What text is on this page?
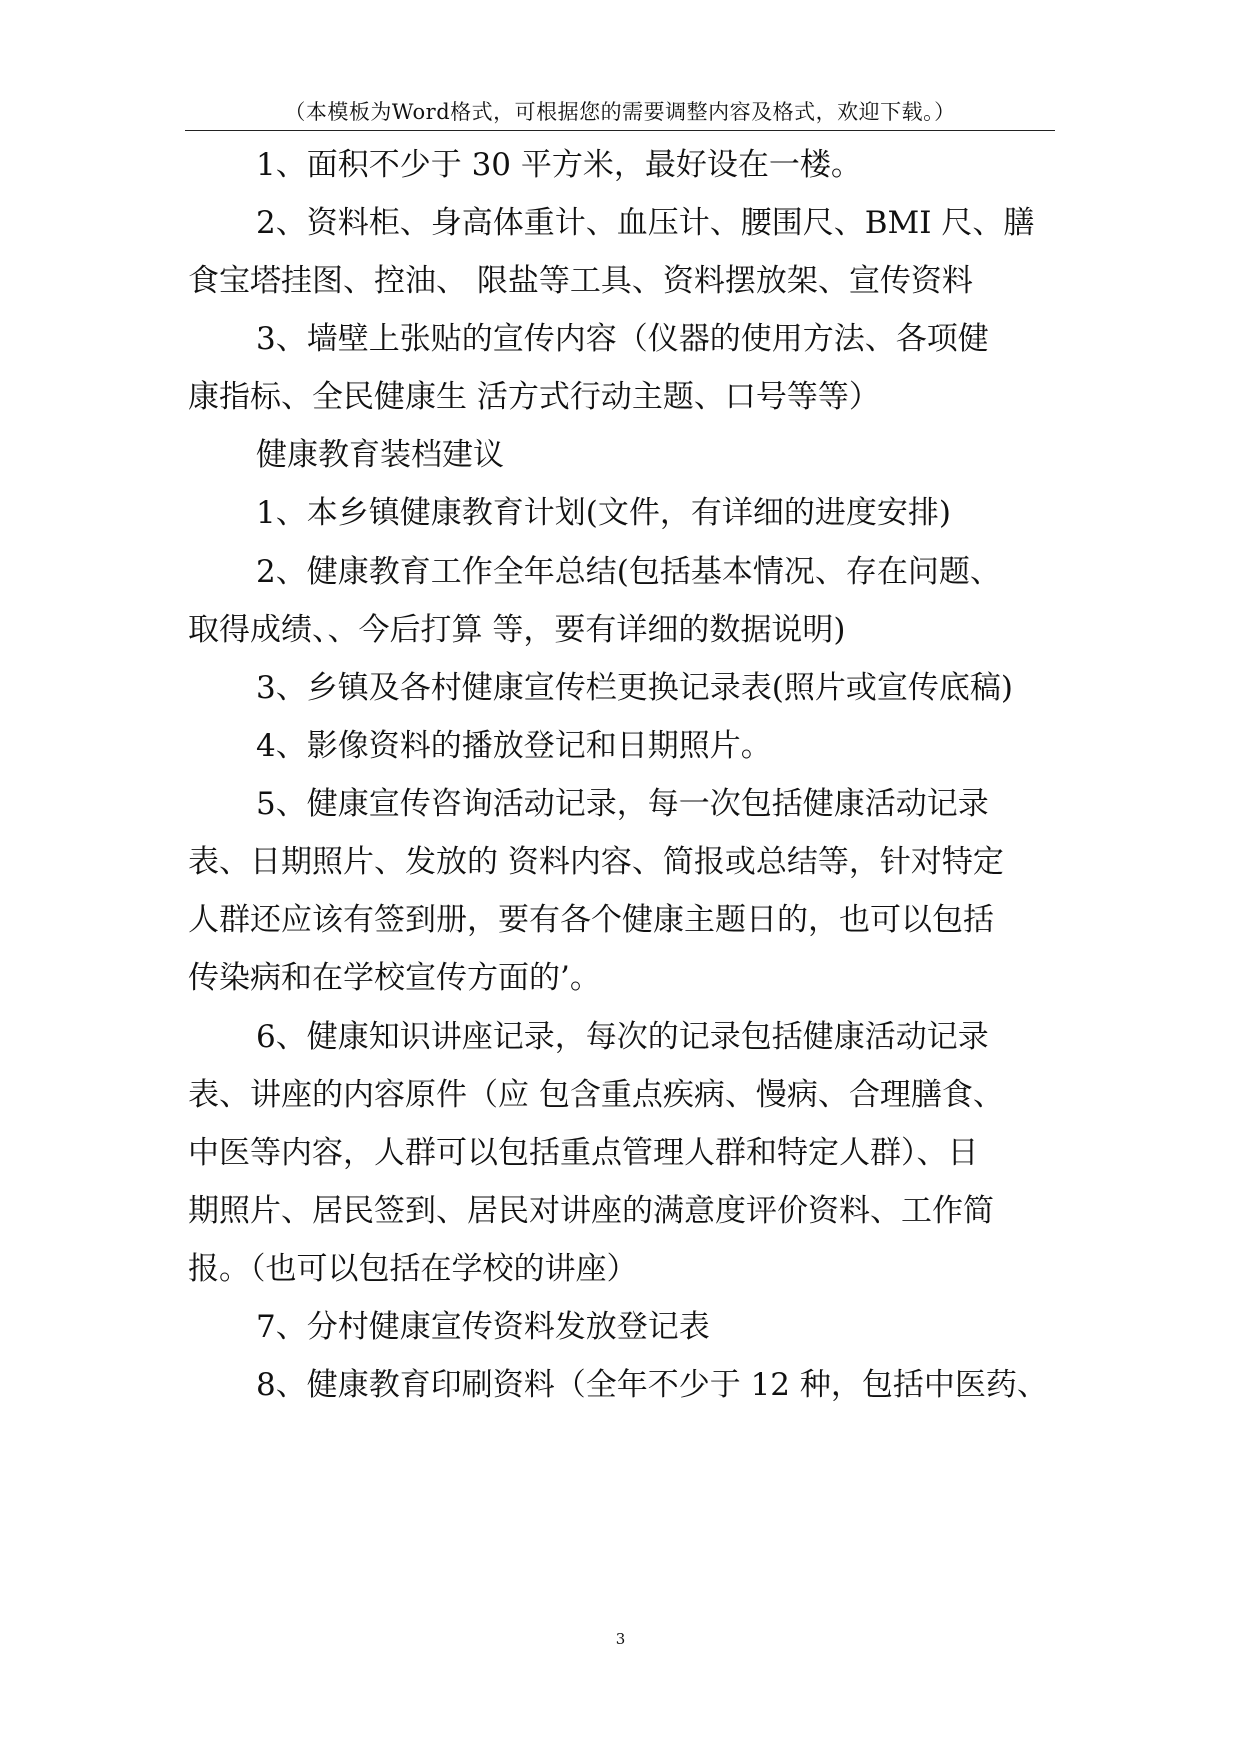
（本模板为Word格式，可根据您的需要调整内容及格式，欢迎下载。）
1、面积不少于 30 平方米，最好设在一楼。
2、资料柜、身高体重计、血压计、腰围尺、BMI 尺、膳
食宝塔挂图、控油、 限盐等工具、资料摆放架、宣传资料
3、墙壁上张贴的宣传内容（仪器的使用方法、各项健
康指标、全民健康生 活方式行动主题、口号等等）
健康教育装档建议
1、本乡镇健康教育计划(文件，有详细的进度安排)
2、健康教育工作全年总结(包括基本情况、存在问题、
取得成绩、、今后打算 等，要有详细的数据说明)
3、乡镇及各村健康宣传栏更换记录表(照片或宣传底稿)
4、影像资料的播放登记和日期照片。
5、健康宣传咨询活动记录，每一次包括健康活动记录
表、日期照片、发放的 资料内容、简报或总结等，针对特定
人群还应该有签到册，要有各个健康主题日的，也可以包括
传染病和在学校宣传方面的’。
6、健康知识讲座记录，每次的记录包括健康活动记录
表、讲座的内容原件（应 包含重点疾病、慢病、合理膳食、
中医等内容，人群可以包括重点管理人群和特定人群）、日
期照片、居民签到、居民对讲座的满意度评价资料、工作简
报。（也可以包括在学校的讲座）
7、分村健康宣传资料发放登记表
8、健康教育印刷资料（全年不少于 12 种，包括中医药、
3
